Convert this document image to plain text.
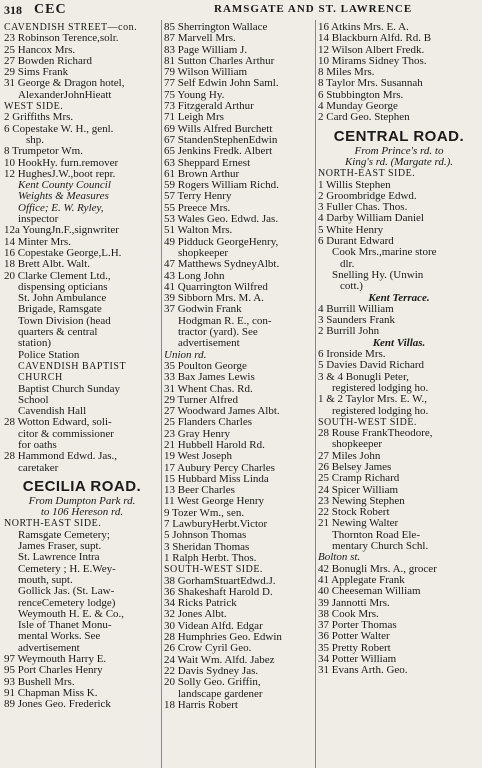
318 CEC	RAMSGATE AND ST. LAWRENCE
CAVENDISH STREET—con.
23 Robinson Terence,solr.
25 Hancox Mrs.
27 Bowden Richard
29 Sims Frank
31 George & Dragon hotel,
AlexanderJohnHieatt
WEST SIDE.
2 Griffiths Mrs.
6 Copestake W. H., genl.
shp.
8 Trumpetor Wm.
10 HookHy. furn.remover
12 HughesJ.W.,boot repr.
Kent County Council
Weights & Measures
Office; E. W. Ryley,
inspector
12a YoungJn.F.,signwriter
14 Minter Mrs.
16 Copestake George,L.H.
18 Brett Albt. Walt.
20 Clarke Clement Ltd.,
dispensing opticians
St. John Ambulance
Brigade, Ramsgate
Town Division (head
quarters & central
station)
Police Station
CAVENDISH BAPTIST
CHURCH
Baptist Church Sunday
School
Cavendish Hall
28 Wotton Edward, soli-
citor & commissioner
for oaths
28 Hammond Edwd. Jas.,
caretaker
CECILIA ROAD.
From Dumpton Park rd.
to 106 Hereson rd.
NORTH-EAST SIDE.
Ramsgate Cemetery;
James Fraser, supt.
St. Lawrence Intra
Cemetery ; H. E.Wey-
mouth, supt.
Gollick Jas. (St. Law-
renceCemetery lodge)
Weymouth H. E. & Co.,
Isle of Thanet Monu-
mental Works. See
advertisement
97 Weymouth Harry E.
95 Port Charles Henry
93 Bushell Mrs.
91 Chapman Miss K.
89 Jones Geo. Frederick
85 Sherrington Wallace
87 Marvell Mrs.
83 Page William J.
81 Sutton Charles Arthur
79 Wilson William
77 Self Edwin John Saml.
75 Young Hy.
73 Fitzgerald Arthur
71 Leigh Mrs
69 Wills Alfred Burchett
67 StandenStephenEdwin
65 Jenkins Fredk. Albert
63 Sheppard Ernest
61 Brown Arthur
59 Rogers William Richd.
57 Terry Henry
55 Preece Mrs.
53 Wales Geo. Edwd. Jas.
51 Walton Mrs.
49 Pidduck GeorgeHenry,
shopkeeper
47 Matthews SydneyAlbt.
43 Long John
41 Quarrington Wilfred
39 Sibborn Mrs. M. A.
37 Godwin Frank
Hodgman R. E., con-
tractor (yard). See
advertisement
Union rd.
35 Poulton George
33 Bax James Lewis
31 Whent Chas. Rd.
29 Turner Alfred
27 Woodward James Albt.
25 Flanders Charles
23 Gray Henry
21 Hubbell Harold Rd.
19 West Joseph
17 Aubury Percy Charles
15 Hubbard Miss Linda
13 Beer Charles
11 West George Henry
9 Tozer Wm., sen.
7 LawburyHerbt.Victor
5 Johnson Thomas
3 Sheridan Thomas
1 Ralph Herbt. Thos.
SOUTH-WEST SIDE.
38 GorhamStuartEdwd.J.
36 Shakeshaft Harold D.
34 Ricks Patrick
32 Jones Albt.
30 Videan Alfd. Edgar
28 Humphries Geo. Edwin
26 Crow Cyril Geo.
24 Wait Wm. Alfd. Jabez
22 Davis Sydney Jas.
20 Solly Geo. Griffin,
landscape gardener
18 Harris Robert
16 Atkins Mrs. E. A.
14 Blackburn Alfd. Rd. B
12 Wilson Albert Fredk.
10 Mirams Sidney Thos.
8 Miles Mrs.
8 Taylor Mrs. Susannah
6 Stubbington Mrs.
4 Munday George
2 Card Geo. Stephen
CENTRAL ROAD.
From Prince's rd. to
King's rd. (Margate rd.).
NORTH-EAST SIDE.
1 Willis Stephen
2 Groombridge Edwd.
3 Fuller Chas. Thos.
4 Darby William Daniel
5 White Henry
6 Durant Edward
Cook Mrs.,marine store
dlr.
Snelling Hy. (Unwin
cott.)
Kent Terrace.
4 Burrill William
3 Saunders Frank
2 Burrill John
Kent Villas.
6 Ironside Mrs.
5 Davies David Richard
3 & 4 Bonugli Peter,
registered lodging ho.
1 & 2 Taylor Mrs. E. W.,
registered lodging ho.
SOUTH-WEST SIDE.
28 Rouse FrankTheodore,
shopkeeper
27 Miles John
26 Belsey James
25 Cramp Richard
24 Spicer William
23 Newing Stephen
22 Stock Robert
21 Newing Walter
Thornton Road Ele-
mentary Church Schl.
Bolton st.
42 Bonugli Mrs. A., grocer
41 Applegate Frank
40 Cheeseman William
39 Jannotti Mrs.
38 Cook Mrs.
37 Porter Thomas
36 Potter Walter
35 Pretty Robert
34 Potter William
31 Evans Arth. Geo.
